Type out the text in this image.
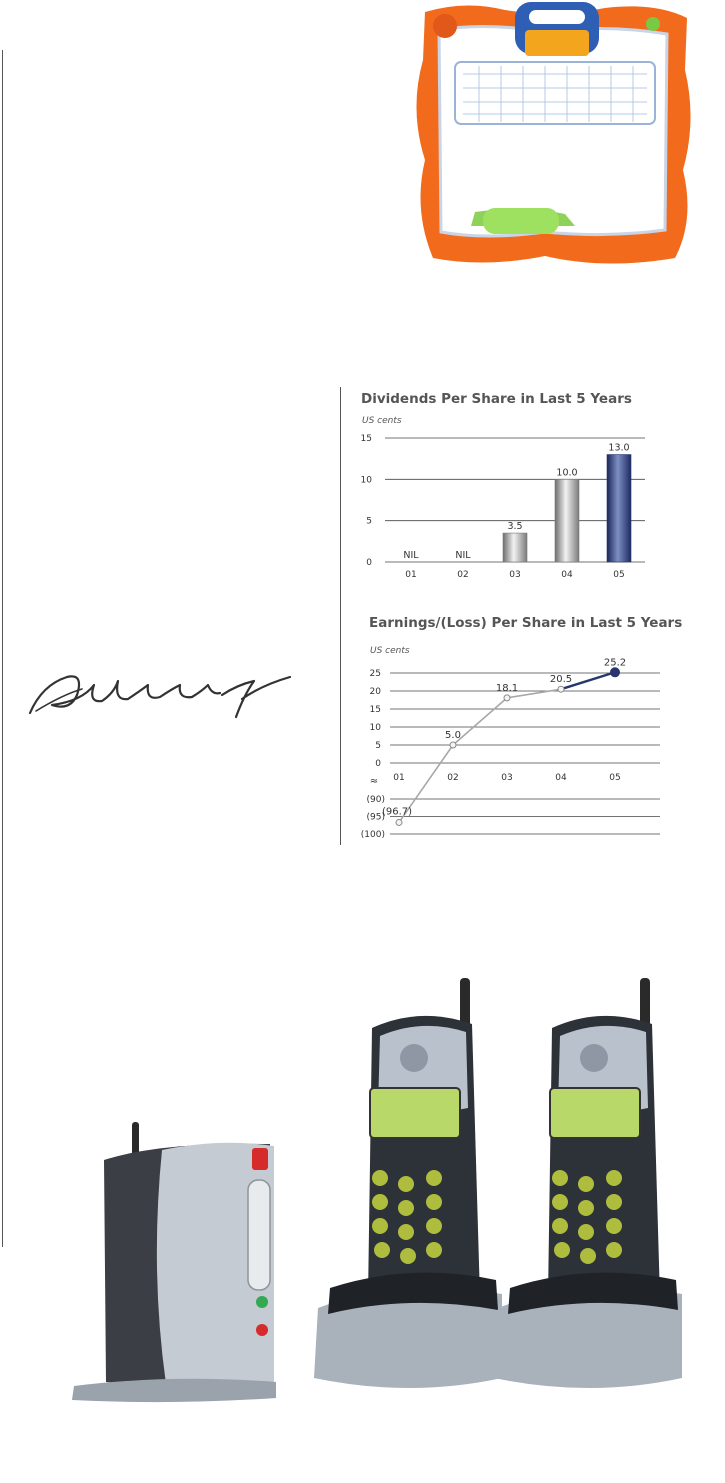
Dividends Per Share in Last 5 Years
US cents
0
5
10
15
01
NIL
02
NIL
03
3.5
04
10.0
05
13.0
Earnings/(Loss) Per Share in Last 5 Years
US cents
25
20
15
10
5
0
(90)
(95)
(100)
≈ 01	02	03	04	05
(96.7)
5.0
18.1
20.5
25.2
